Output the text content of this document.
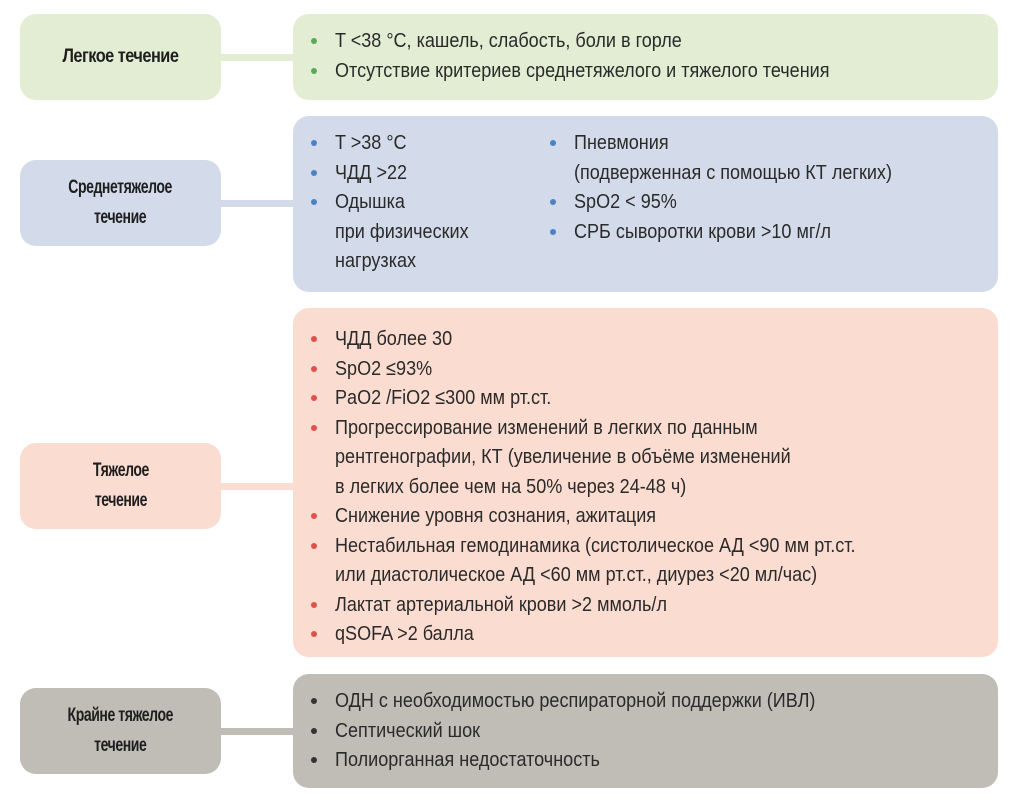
Легкое течение
T <38 °C, кашель, слабость, боли в горле
Отсутствие критериев среднетяжелого и тяжелого течения
Среднетяжелое
течение
T >38 °C
ЧДД >22
Одышка
при физических
нагрузках
Пневмония
(подверженная с помощью КТ легких)
SpO2 < 95%
СРБ сыворотки крови >10 мг/л
Тяжелое
течение
ЧДД более 30
SpO2 ≤93%
PaO2 /FiO2 ≤300 мм рт.ст.
Прогрессирование изменений в легких по данным
рентгенографии, КТ (увеличение в объёме изменений
в легких более чем на 50% через 24-48 ч)
Снижение уровня сознания, ажитация
Нестабильная гемодинамика (систолическое АД <90 мм рт.ст.
или диастолическое АД <60 мм рт.ст., диурез <20 мл/час)
Лактат артериальной крови >2 ммоль/л
qSOFA >2 балла
Крайне тяжелое
течение
ОДН с необходимостью респираторной поддержки (ИВЛ)
Септический шок
Полиорганная недостаточность
